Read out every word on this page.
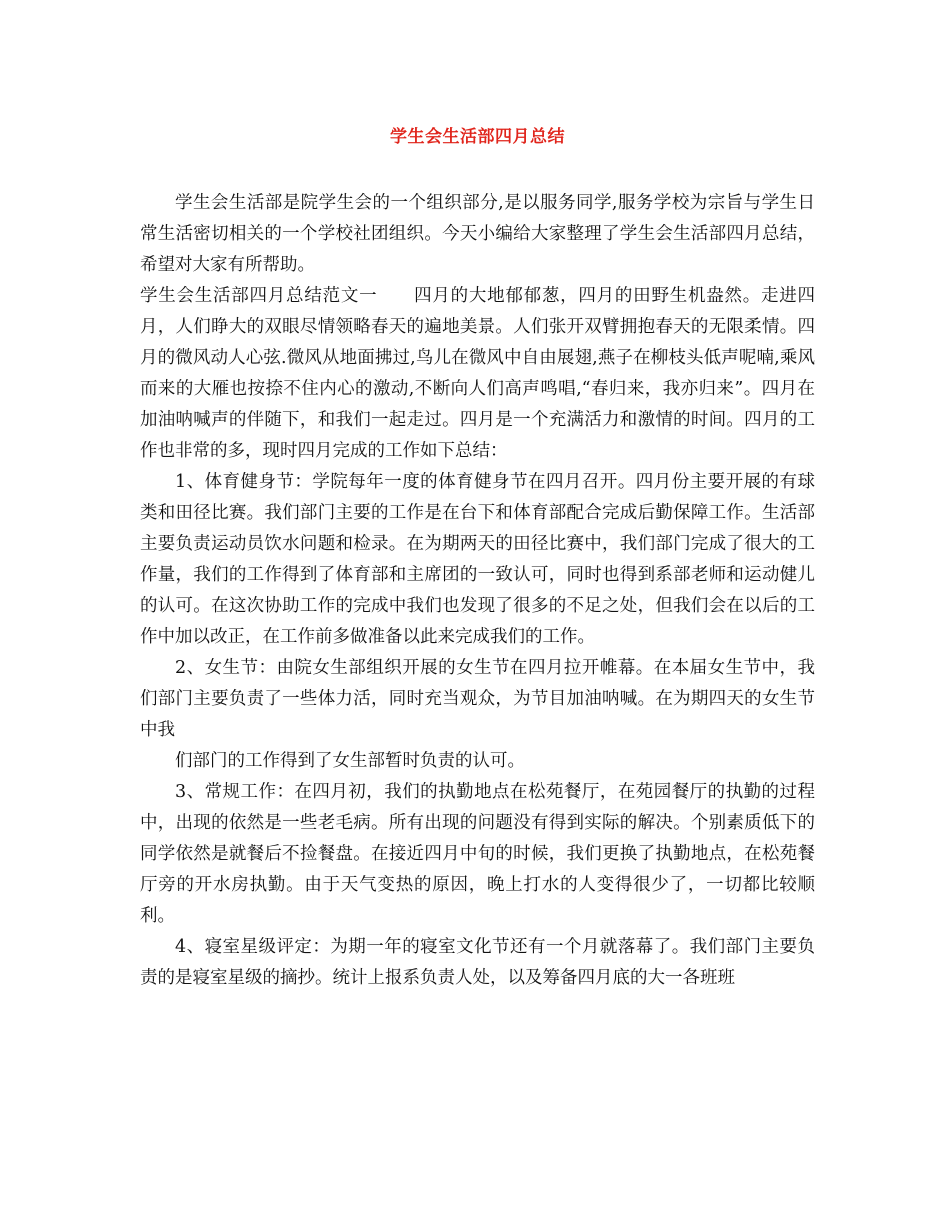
学生会生活部四月总结

学生会生活部是院学生会的一个组织部分,是以服务同学,服务学校为宗旨与学生日常生活密切相关的一个学校社团组织。今天小编给大家整理了学生会生活部四月总结，希望对大家有所帮助。

学生会生活部四月总结范文一 四月的大地郁郁葱，四月的田野生机盎然。走进四月，人们睁大的双眼尽情领略春天的遍地美景。人们张开双臂拥抱春天的无限柔情。四月的微风动人心弦.微风从地面拂过,鸟儿在微风中自由展翅,燕子在柳枝头低声呢喃,乘风而来的大雁也按捺不住内心的激动,不断向人们高声鸣唱,“春归来，我亦归来”。四月在加油呐喊声的伴随下，和我们一起走过。四月是一个充满活力和激情的时间。四月的工作也非常的多，现时四月完成的工作如下总结：

1、体育健身节：学院每年一度的体育健身节在四月召开。四月份主要开展的有球类和田径比赛。我们部门主要的工作是在台下和体育部配合完成后勤保障工作。生活部主要负责运动员饮水问题和检录。在为期两天的田径比赛中，我们部门完成了很大的工作量，我们的工作得到了体育部和主席团的一致认可，同时也得到系部老师和运动健儿的认可。在这次协助工作的完成中我们也发现了很多的不足之处，但我们会在以后的工作中加以改正，在工作前多做准备以此来完成我们的工作。

2、女生节：由院女生部组织开展的女生节在四月拉开帷幕。在本届女生节中，我们部门主要负责了一些体力活，同时充当观众，为节目加油呐喊。在为期四天的女生节中我

们部门的工作得到了女生部暂时负责的认可。

3、常规工作：在四月初，我们的执勤地点在松苑餐厅，在苑园餐厅的执勤的过程中，出现的依然是一些老毛病。所有出现的问题没有得到实际的解决。个别素质低下的同学依然是就餐后不捡餐盘。在接近四月中旬的时候，我们更换了执勤地点，在松苑餐厅旁的开水房执勤。由于天气变热的原因，晚上打水的人变得很少了，一切都比较顺利。

4、寝室星级评定：为期一年的寝室文化节还有一个月就落幕了。我们部门主要负责的是寝室星级的摘抄。统计上报系负责人处，以及筹备四月底的大一各班班
